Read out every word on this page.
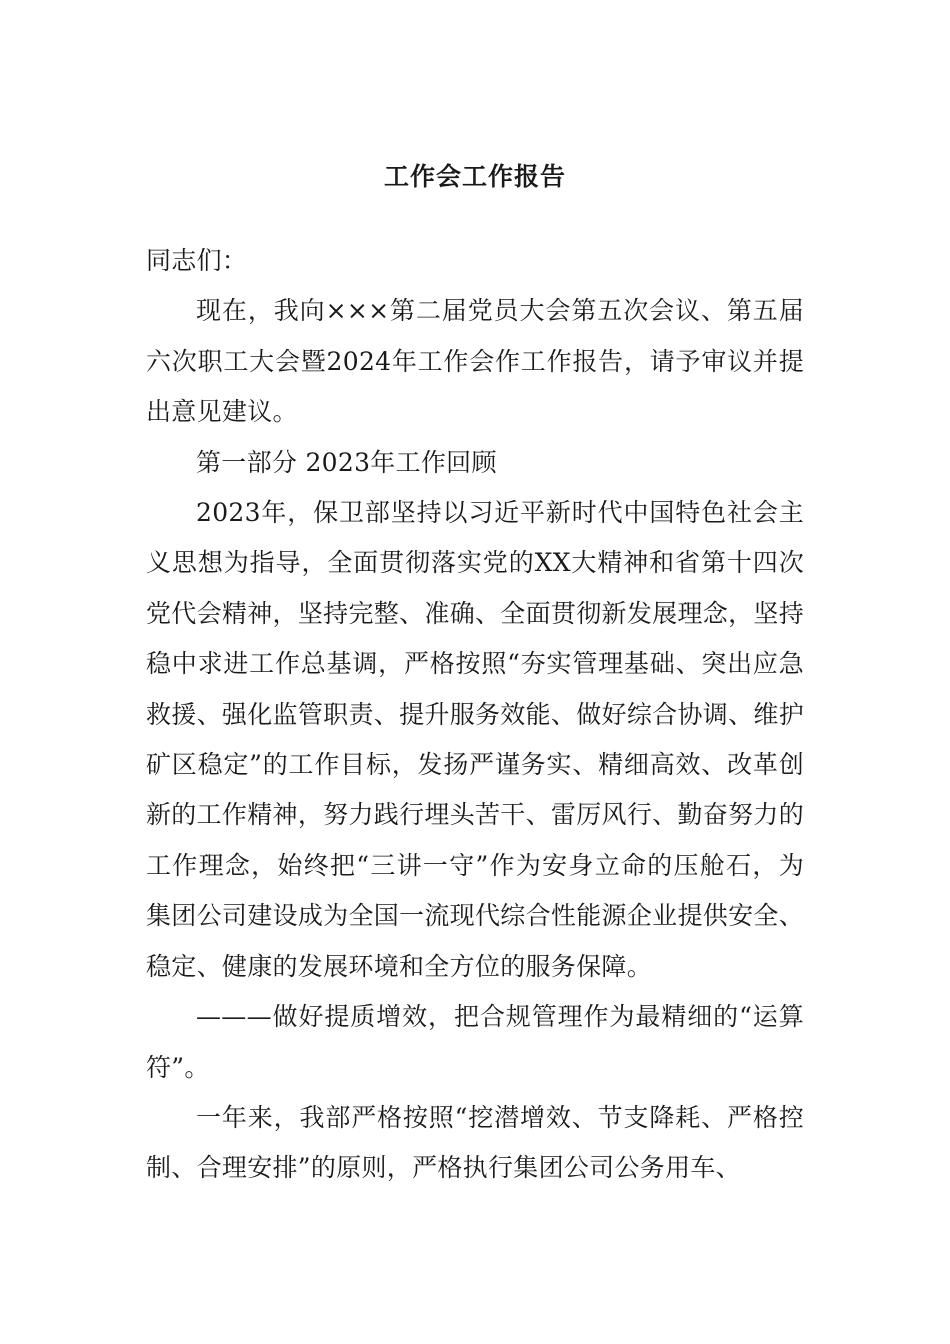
工作会工作报告

同志们：

现在，我向×××第二届党员大会第五次会议、第五届六次职工大会暨2024年工作会作工作报告，请予审议并提出意见建议。

第一部分 2023年工作回顾

2023年，保卫部坚持以习近平新时代中国特色社会主义思想为指导，全面贯彻落实党的XX大精神和省第十四次党代会精神，坚持完整、准确、全面贯彻新发展理念，坚持稳中求进工作总基调，严格按照“夯实管理基础、突出应急救援、强化监管职责、提升服务效能、做好综合协调、维护矿区稳定”的工作目标，发扬严谨务实、精细高效、改革创新的工作精神，努力践行埋头苦干、雷厉风行、勤奋努力的工作理念，始终把“三讲一守”作为安身立命的压舱石，为集团公司建设成为全国一流现代综合性能源企业提供安全、稳定、健康的发展环境和全方位的服务保障。

———做好提质增效，把合规管理作为最精细的“运算符”。

一年来，我部严格按照“挖潜增效、节支降耗、严格控制、合理安排”的原则，严格执行集团公司公务用车、
